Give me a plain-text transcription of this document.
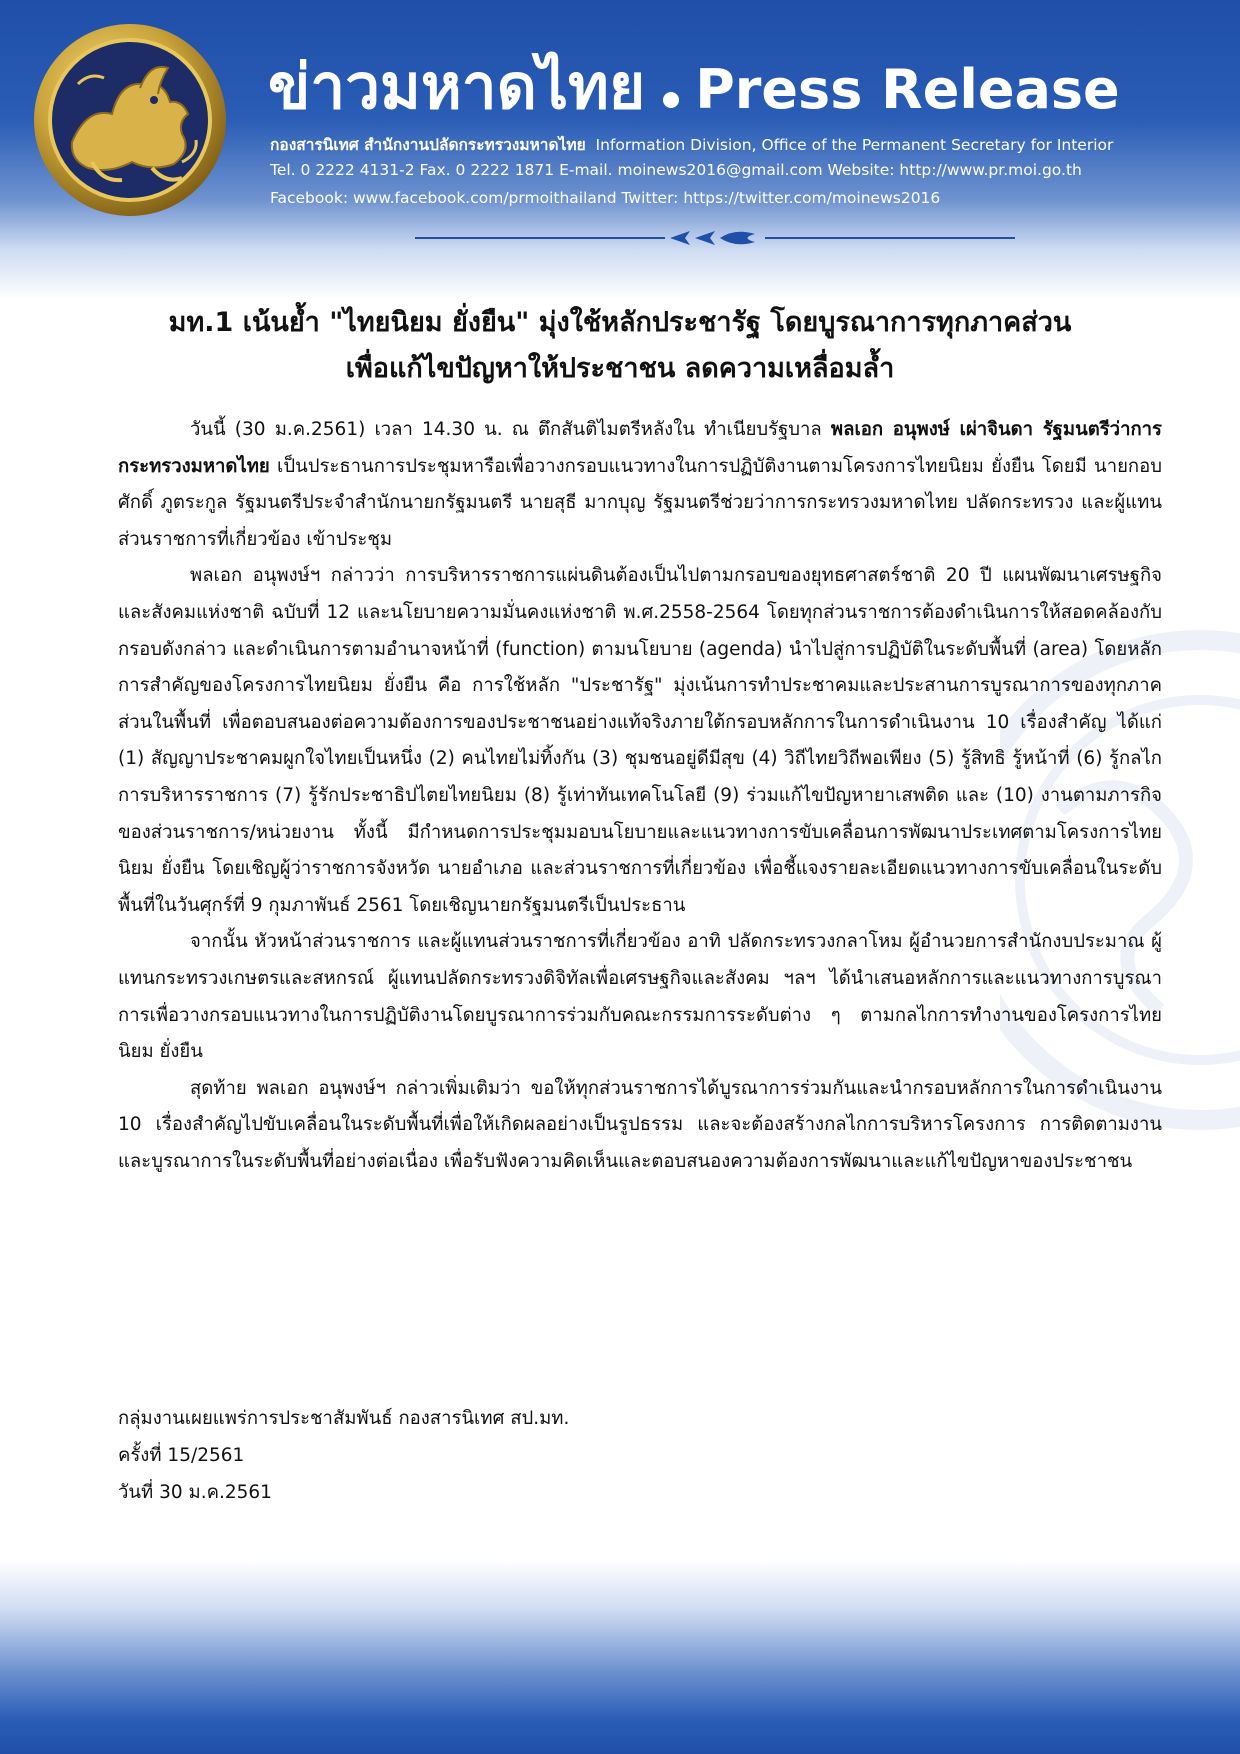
ข่าวมหาดไทย Press Release
กองสารนิเทศ สำนักงานปลัดกระทรวงมหาดไทย Information Division, Office of the Permanent Secretary for Interior
Tel. 0 2222 4131-2 Fax. 0 2222 1871 E-mail. moinews2016@gmail.com Website: http://www.pr.moi.go.th
Facebook: www.facebook.com/prmoithailand Twitter: https://twitter.com/moinews2016
มท.1 เน้นย้ำ "ไทยนิยม ยั่งยืน" มุ่งใช้หลักประชารัฐ โดยบูรณาการทุกภาคส่วน
เพื่อแก้ไขปัญหาให้ประชาชน ลดความเหลื่อมล้ำ

วันนี้ (30 ม.ค.2561) เวลา 14.30 น. ณ ตึกสันติไมตรีหลังใน ทำเนียบรัฐบาล พลเอก อนุพงษ์ เผ่าจินดา รัฐมนตรีว่าการกระทรวงมหาดไทย เป็นประธานการประชุมหารือเพื่อวางกรอบแนวทางในการปฏิบัติงานตามโครงการไทยนิยม ยั่งยืน โดยมี นายกอบศักดิ์ ภูตระกูล รัฐมนตรีประจำสำนักนายกรัฐมนตรี นายสุธี มากบุญ รัฐมนตรีช่วยว่าการกระทรวงมหาดไทย ปลัดกระทรวง และผู้แทนส่วนราชการที่เกี่ยวข้อง เข้าประชุม

พลเอก อนุพงษ์ฯ กล่าวว่า การบริหารราชการแผ่นดินต้องเป็นไปตามกรอบของยุทธศาสตร์ชาติ 20 ปี แผนพัฒนาเศรษฐกิจและสังคมแห่งชาติ ฉบับที่ 12 และนโยบายความมั่นคงแห่งชาติ พ.ศ.2558-2564 โดยทุกส่วนราชการต้องดำเนินการให้สอดคล้องกับกรอบดังกล่าว และดำเนินการตามอำนาจหน้าที่ (function) ตามนโยบาย (agenda) นำไปสู่การปฏิบัติในระดับพื้นที่ (area) โดยหลักการสำคัญของโครงการไทยนิยม ยั่งยืน คือ การใช้หลัก "ประชารัฐ" มุ่งเน้นการทำประชาคมและประสานการบูรณาการของทุกภาคส่วนในพื้นที่ เพื่อตอบสนองต่อความต้องการของประชาชนอย่างแท้จริงภายใต้กรอบหลักการในการดำเนินงาน 10 เรื่องสำคัญ ได้แก่ (1) สัญญาประชาคมผูกใจไทยเป็นหนึ่ง (2) คนไทยไม่ทิ้งกัน (3) ชุมชนอยู่ดีมีสุข (4) วิถีไทยวิถีพอเพียง (5) รู้สิทธิ รู้หน้าที่ (6) รู้กลไกการบริหารราชการ (7) รู้รักประชาธิปไตยไทยนิยม (8) รู้เท่าทันเทคโนโลยี (9) ร่วมแก้ไขปัญหายาเสพติด และ (10) งานตามภารกิจของส่วนราชการ/หน่วยงาน ทั้งนี้ มีกำหนดการประชุมมอบนโยบายและแนวทางการขับเคลื่อนการพัฒนาประเทศตามโครงการไทยนิยม ยั่งยืน โดยเชิญผู้ว่าราชการจังหวัด นายอำเภอ และส่วนราชการที่เกี่ยวข้อง เพื่อชี้แจงรายละเอียดแนวทางการขับเคลื่อนในระดับพื้นที่ในวันศุกร์ที่ 9 กุมภาพันธ์ 2561 โดยเชิญนายกรัฐมนตรีเป็นประธาน

จากนั้น หัวหน้าส่วนราชการ และผู้แทนส่วนราชการที่เกี่ยวข้อง อาทิ ปลัดกระทรวงกลาโหม ผู้อำนวยการสำนักงบประมาณ ผู้แทนกระทรวงเกษตรและสหกรณ์ ผู้แทนปลัดกระทรวงดิจิทัลเพื่อเศรษฐกิจและสังคม ฯลฯ ได้นำเสนอหลักการและแนวทางการบูรณาการเพื่อวางกรอบแนวทางในการปฏิบัติงานโดยบูรณาการร่วมกับคณะกรรมการระดับต่าง ๆ ตามกลไกการทำงานของโครงการไทยนิยม ยั่งยืน

สุดท้าย พลเอก อนุพงษ์ฯ กล่าวเพิ่มเติมว่า ขอให้ทุกส่วนราชการได้บูรณาการร่วมกันและนำกรอบหลักการในการดำเนินงาน 10 เรื่องสำคัญไปขับเคลื่อนในระดับพื้นที่เพื่อให้เกิดผลอย่างเป็นรูปธรรม และจะต้องสร้างกลไกการบริหารโครงการ การติดตามงาน และบูรณาการในระดับพื้นที่อย่างต่อเนื่อง เพื่อรับฟังความคิดเห็นและตอบสนองความต้องการพัฒนาและแก้ไขปัญหาของประชาชน

กลุ่มงานเผยแพร่การประชาสัมพันธ์ กองสารนิเทศ สป.มท.
ครั้งที่ 15/2561
วันที่ 30 ม.ค.2561
